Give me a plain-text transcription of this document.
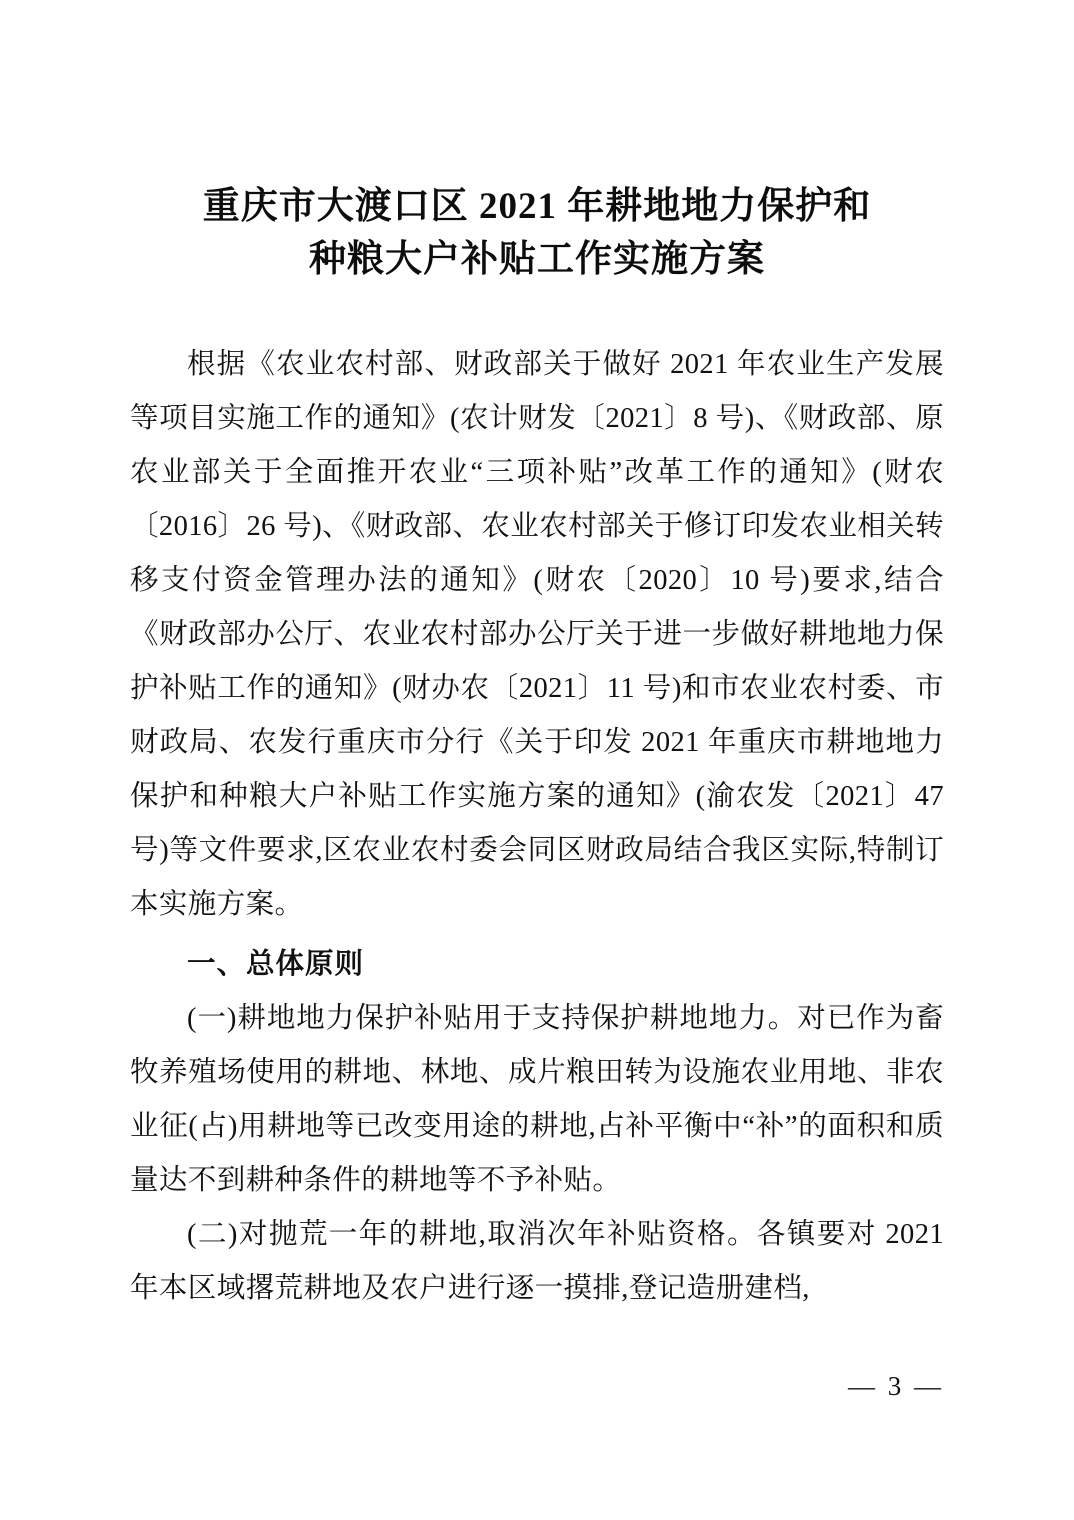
重庆市大渡口区 2021 年耕地地力保护和
种粮大户补贴工作实施方案

根据《农业农村部、财政部关于做好 2021 年农业生产发展等项目实施工作的通知》(农计财发〔2021〕8 号)、《财政部、原农业部关于全面推开农业“三项补贴”改革工作的通知》(财农〔2016〕26 号)、《财政部、农业农村部关于修订印发农业相关转移支付资金管理办法的通知》(财农〔2020〕10 号)要求,结合《财政部办公厅、农业农村部办公厅关于进一步做好耕地地力保护补贴工作的通知》(财办农〔2021〕11 号)和市农业农村委、市财政局、农发行重庆市分行《关于印发 2021 年重庆市耕地地力保护和种粮大户补贴工作实施方案的通知》(渝农发〔2021〕47 号)等文件要求,区农业农村委会同区财政局结合我区实际,特制订本实施方案。

一、总体原则

(一)耕地地力保护补贴用于支持保护耕地地力。对已作为畜牧养殖场使用的耕地、林地、成片粮田转为设施农业用地、非农业征(占)用耕地等已改变用途的耕地,占补平衡中“补”的面积和质量达不到耕种条件的耕地等不予补贴。

(二)对抛荒一年的耕地,取消次年补贴资格。各镇要对 2021 年本区域撂荒耕地及农户进行逐一摸排,登记造册建档,

— 3 —
